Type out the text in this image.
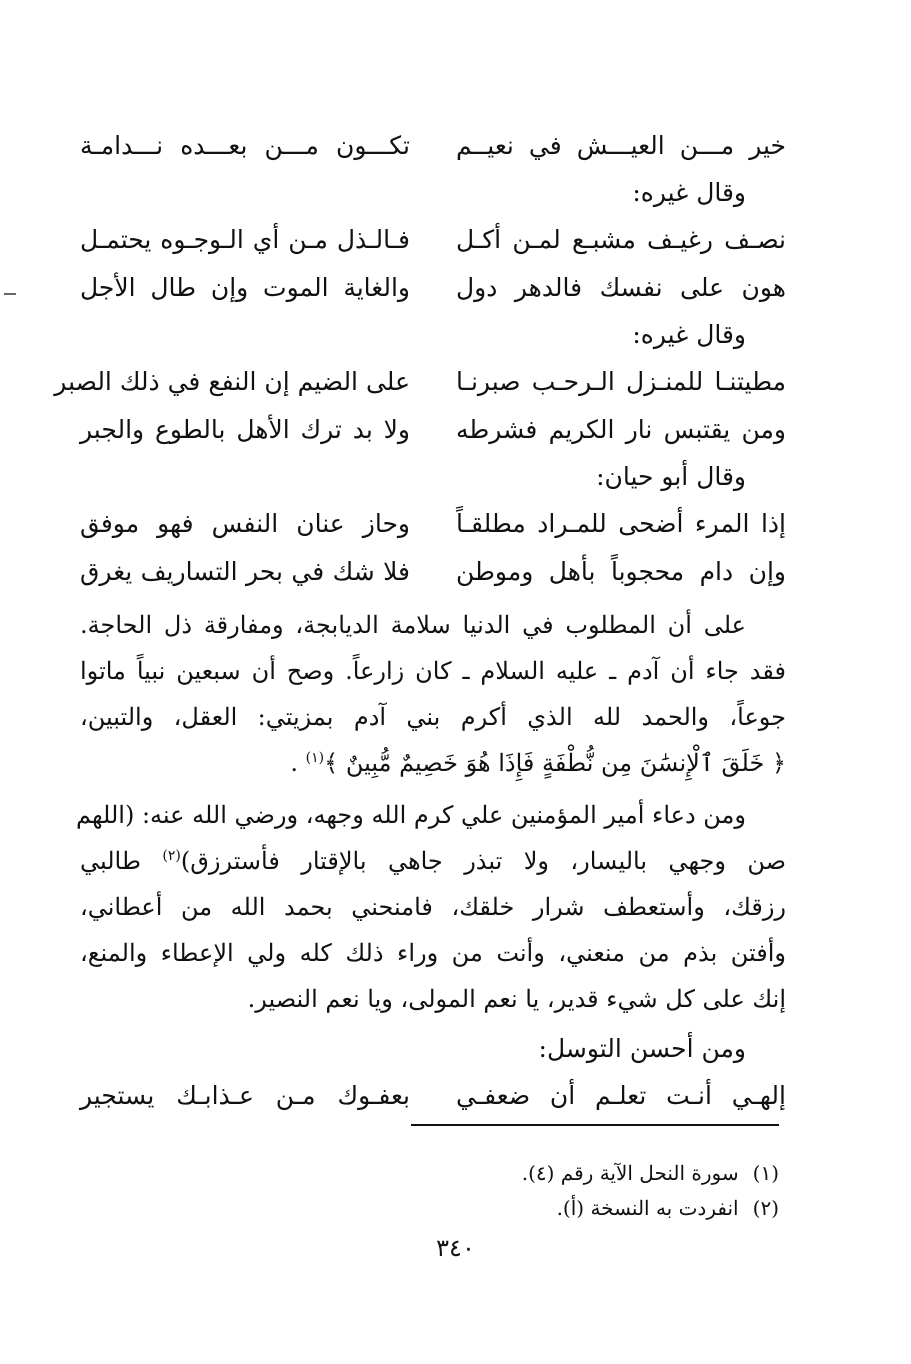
خير مـــن العيـــش في نعيــم
تكـــون مـــن بعـــده نـــدامـة
وقال غيره:
نصـف رغيـف مشبـع لمـن أكـل
فـالـذل مـن أي الـوجـوه يحتمـل
هون على نفسك فالدهر دول
والغاية الموت وإن طال الأجل
وقال غيره:
مطيتنـا للمنـزل الـرحـب صبرنـا
على الضيم إن النفع في ذلك الصبر
ومن يقتبس نار الكريم فشرطه
ولا بد ترك الأهل بالطوع والجبر
وقال أبو حيان:
إذا المرء أضحى للمـراد مطلقـاً
وحاز عنان النفس فهو موفق
وإن دام محجوباً بأهل وموطن
فلا شك في بحر التساريف يغرق
على أن المطلوب في الدنيا سلامة الديابجة، ومفارقة ذل الحاجة.
فقد جاء أن آدم ـ عليه السلام ـ كان زارعاً. وصح أن سبعين نبياً ماتوا
جوعاً، والحمد لله الذي أكرم بني آدم بمزيتي: العقل، والتبين،
﴿ خَلَقَ ٱلْإِنسَٰنَ مِن نُّطْفَةٍ فَإِذَا هُوَ خَصِيمٌ مُّبِينٌ ﴾$^{(١)}$ .
ومن دعاء أمير المؤمنين علي كرم الله وجهه، ورضي الله عنه: (اللهم
صن وجهي باليسار، ولا تبذر جاهي بالإقتار فأسترزق)$^{(٢)}$ طالبي
رزقك، وأستعطف شرار خلقك، فامنحني بحمد الله من أعطاني،
وأفتن بذم من منعني، وأنت من وراء ذلك كله ولي الإعطاء والمنع،
إنك على كل شيء قدير، يا نعم المولى، ويا نعم النصير.
ومن أحسن التوسل:
إلهـي أنـت تعلـم أن ضعفـي
بعفـوك مـن عـذابـك يستجير
(١)
سورة النحل الآية رقم (٤).
(٢)
انفردت به النسخة (أ).
٣٤٠
